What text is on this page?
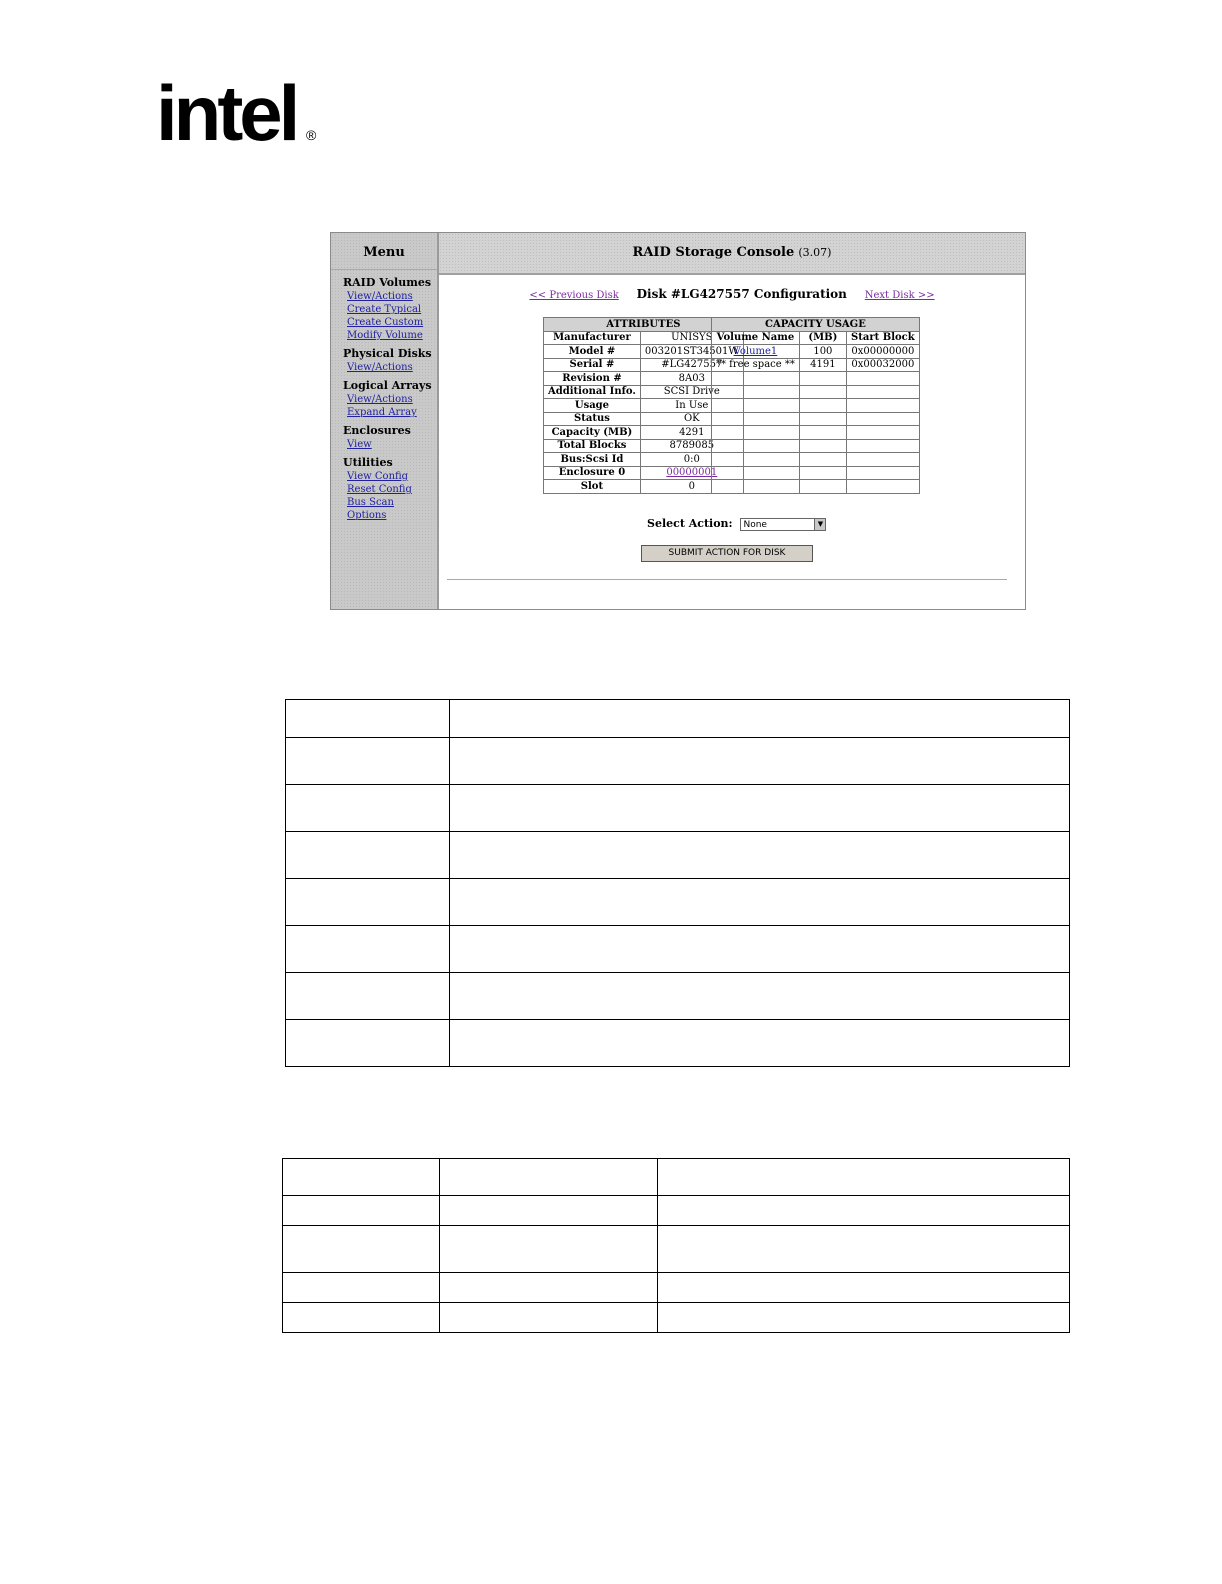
intel ®
Menu
RAID Volumes
View/Actions
Create Typical
Create Custom
Modify Volume
Physical Disks
View/Actions
Logical Arrays
View/Actions
Expand Array
Enclosures
View
Utilities
View Config
Reset Config
Bus Scan
Options
RAID Storage Console (3.07)
<< Previous Disk Disk #LG427557 Configuration Next Disk >>
ATTRIBUTES	
Manufacturer	UNISYS
Model #	003201ST34501W
Serial #	#LG427557
Revision #	8A03
Additional Info.	SCSI Drive
Usage	In Use
Status	OK
Capacity (MB)	4291
Total Blocks	8789085
Bus:Scsi Id	0:0
Enclosure 0	00000001
Slot	0
CAPACITY USAGE		
Volume Name	(MB)	Start Block
Volume1	100	0x00000000
** free space **	4191	0x00032000

Select Action: None	▼
SUBMIT ACTION FOR DISK
